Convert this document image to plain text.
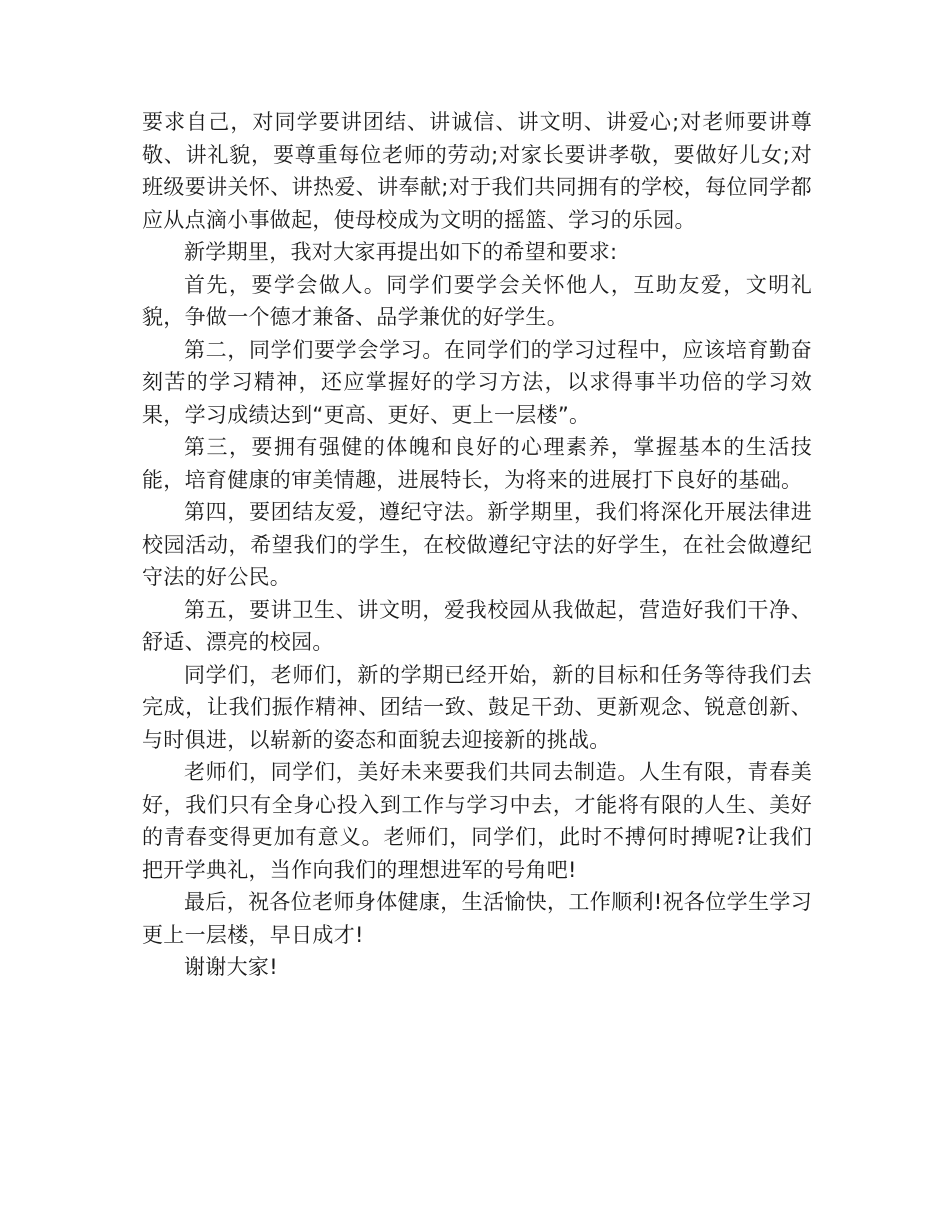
要求自己，对同学要讲团结、讲诚信、讲文明、讲爱心;对老师要讲尊敬、讲礼貌，要尊重每位老师的劳动;对家长要讲孝敬，要做好儿女;对班级要讲关怀、讲热爱、讲奉献;对于我们共同拥有的学校，每位同学都应从点滴小事做起，使母校成为文明的摇篮、学习的乐园。

新学期里，我对大家再提出如下的希望和要求:

首先，要学会做人。同学们要学会关怀他人，互助友爱，文明礼貌，争做一个德才兼备、品学兼优的好学生。

第二，同学们要学会学习。在同学们的学习过程中，应该培育勤奋刻苦的学习精神，还应掌握好的学习方法，以求得事半功倍的学习效果，学习成绩达到“更高、更好、更上一层楼”。

第三，要拥有强健的体魄和良好的心理素养，掌握基本的生活技能，培育健康的审美情趣，进展特长，为将来的进展打下良好的基础。

第四，要团结友爱，遵纪守法。新学期里，我们将深化开展法律进校园活动，希望我们的学生，在校做遵纪守法的好学生，在社会做遵纪守法的好公民。

第五，要讲卫生、讲文明，爱我校园从我做起，营造好我们干净、舒适、漂亮的校园。

同学们，老师们，新的学期已经开始，新的目标和任务等待我们去完成，让我们振作精神、团结一致、鼓足干劲、更新观念、锐意创新、与时俱进，以崭新的姿态和面貌去迎接新的挑战。

老师们，同学们，美好未来要我们共同去制造。人生有限，青春美好，我们只有全身心投入到工作与学习中去，才能将有限的人生、美好的青春变得更加有意义。老师们，同学们，此时不搏何时搏呢?让我们把开学典礼，当作向我们的理想进军的号角吧!

最后，祝各位老师身体健康，生活愉快，工作顺利!祝各位学生学习更上一层楼，早日成才!

谢谢大家!
